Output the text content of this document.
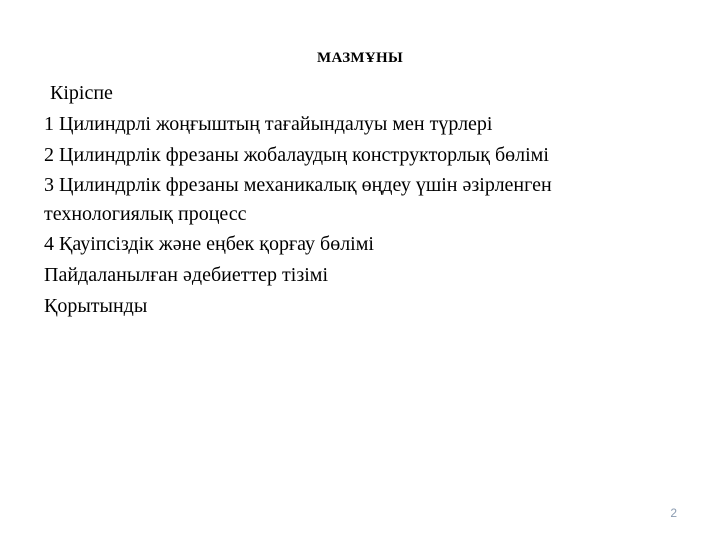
МАЗМҰНЫ
Кіріспе
1 Цилиндрлі жоңғыштың тағайындалуы мен түрлері
2 Цилиндрлік фрезаны жобалаудың конструкторлық бөлімі
3 Цилиндрлік фрезаны механикалық өңдеу үшін әзірленген технологиялық процесс
4 Қауіпсіздік және еңбек қорғау бөлімі
Пайдаланылған әдебиеттер тізімі
Қорытынды
2
